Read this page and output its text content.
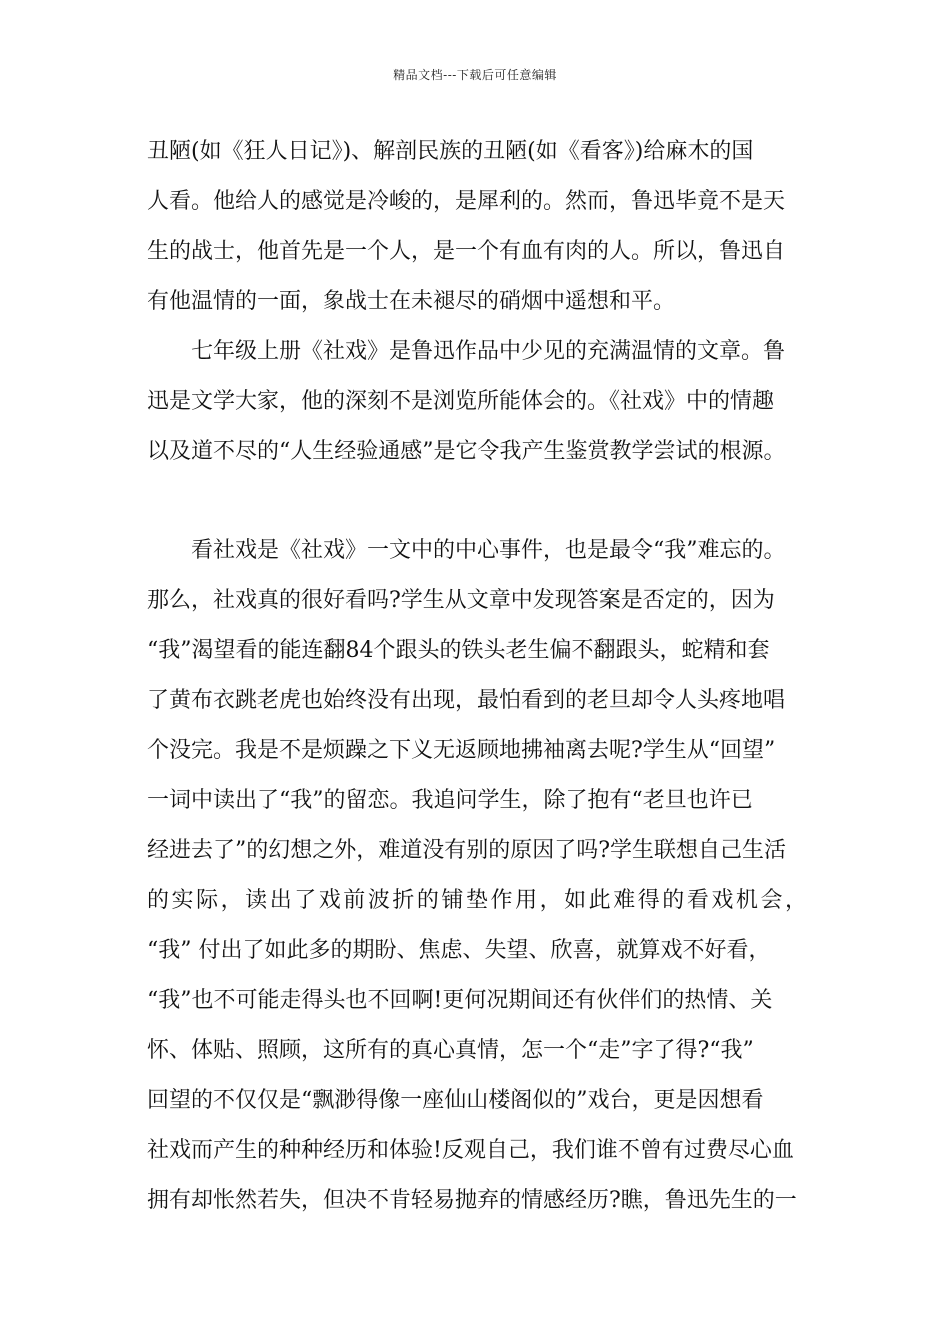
精品文档---下载后可任意编辑
丑陋(如《狂人日记》)、解剖民族的丑陋(如《看客》)给麻木的国
人看。他给人的感觉是冷峻的，是犀利的。然而，鲁迅毕竟不是天
生的战士，他首先是一个人，是一个有血有肉的人。所以，鲁迅自
有他温情的一面，象战士在未褪尽的硝烟中遥想和平。
七年级上册《社戏》是鲁迅作品中少见的充满温情的文章。鲁
迅是文学大家，他的深刻不是浏览所能体会的。《社戏》中的情趣
以及道不尽的“人生经验通感”是它令我产生鉴赏教学尝试的根源。
看社戏是《社戏》一文中的中心事件，也是最令“我”难忘的。
那么，社戏真的很好看吗?学生从文章中发现答案是否定的，因为
“我”渴望看的能连翻84个跟头的铁头老生偏不翻跟头，蛇精和套
了黄布衣跳老虎也始终没有出现，最怕看到的老旦却令人头疼地唱
个没完。我是不是烦躁之下义无返顾地拂袖离去呢?学生从“回望”
一词中读出了“我”的留恋。我追问学生，除了抱有“老旦也许已
经进去了”的幻想之外，难道没有别的原因了吗?学生联想自己生活
的实际，读出了戏前波折的铺垫作用，如此难得的看戏机会，
“我” 付出了如此多的期盼、焦虑、失望、欣喜，就算戏不好看，
“我”也不可能走得头也不回啊!更何况期间还有伙伴们的热情、关
怀、体贴、照顾，这所有的真心真情，怎一个“走”字了得?“我”
回望的不仅仅是“飘渺得像一座仙山楼阁似的”戏台，更是因想看
社戏而产生的种种经历和体验!反观自己，我们谁不曾有过费尽心血
拥有却怅然若失，但决不肯轻易抛弃的情感经历?瞧，鲁迅先生的一
